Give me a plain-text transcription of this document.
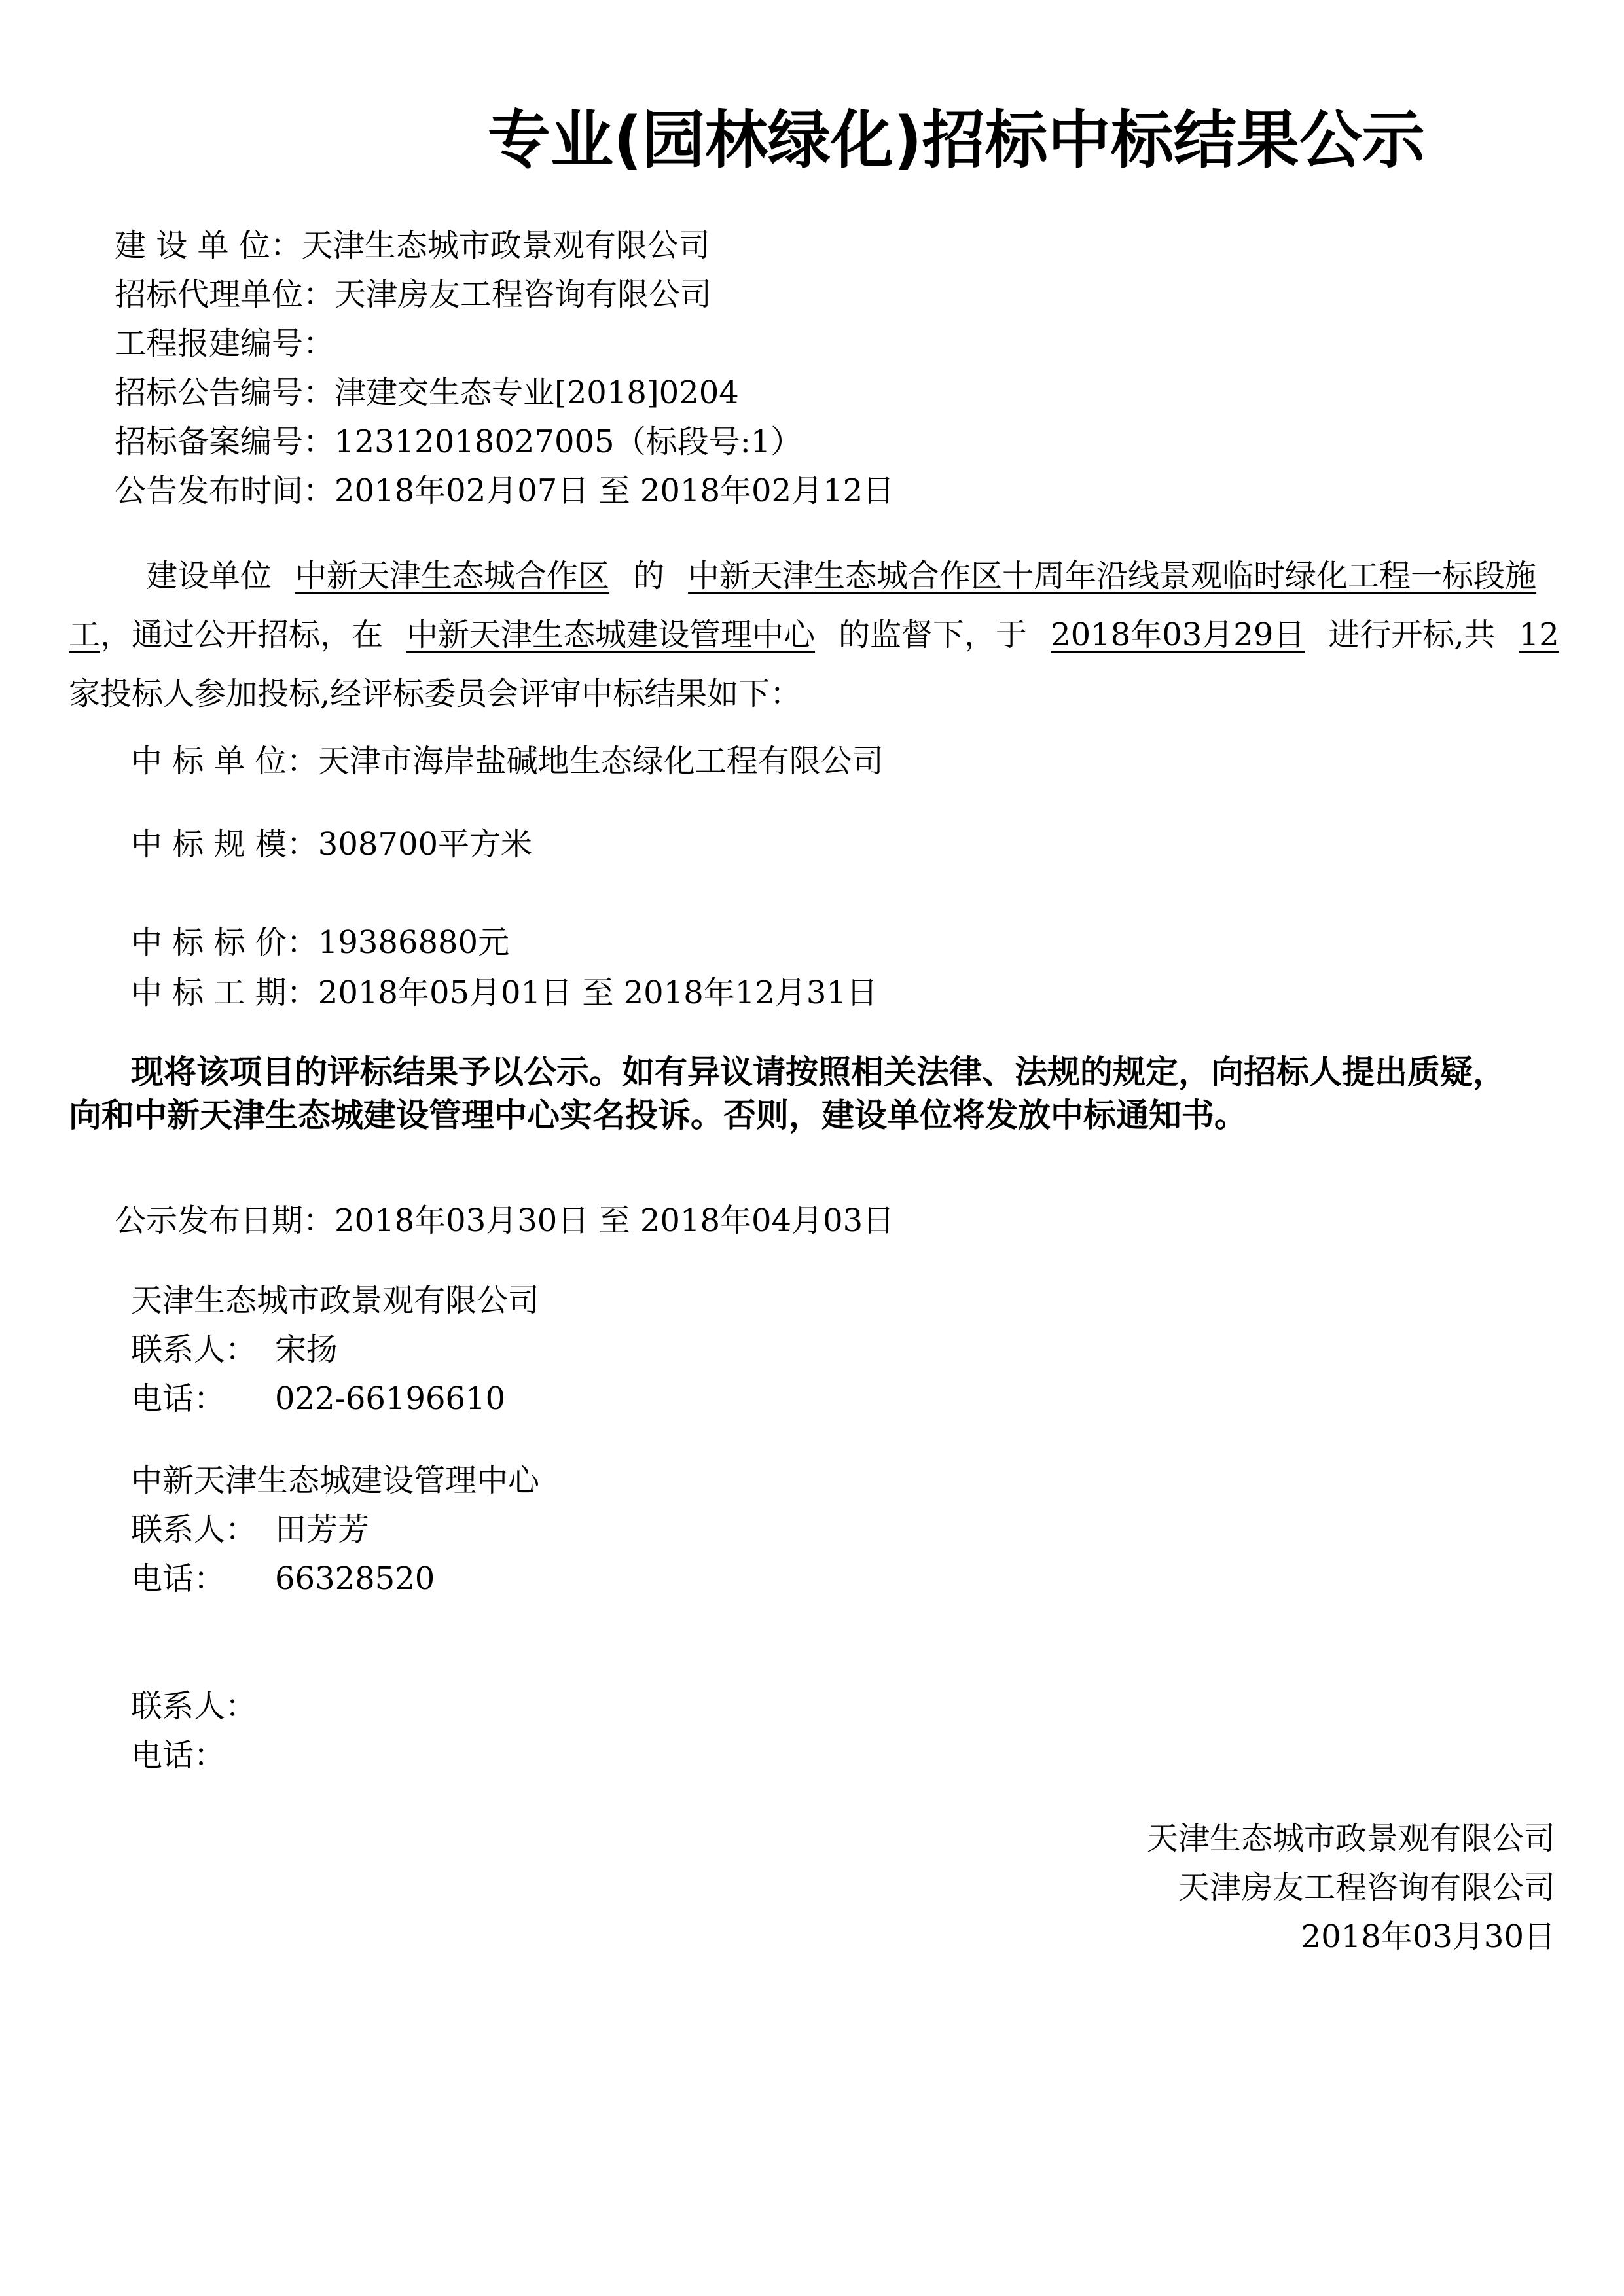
专业(园林绿化)招标中标结果公示
建 设 单 位：天津生态城市政景观有限公司
招标代理单位：天津房友工程咨询有限公司
工程报建编号：
招标公告编号：津建交生态专业[2018]0204
招标备案编号：12312018027005（标段号:1）
公告发布时间：2018年02月07日 至 2018年02月12日
建设单位 中新天津生态城合作区 的 中新天津生态城合作区十周年沿线景观临时绿化工程一标段施工，通过公开招标，在 中新天津生态城建设管理中心 的监督下，于 2018年03月29日 进行开标,共 12家投标人参加投标,经评标委员会评审中标结果如下：
中 标 单 位：天津市海岸盐碱地生态绿化工程有限公司
中 标 规 模：308700平方米
中 标 标 价：19386880元
中 标 工 期：2018年05月01日 至 2018年12月31日
现将该项目的评标结果予以公示。如有异议请按照相关法律、法规的规定，向招标人提出质疑，向和中新天津生态城建设管理中心实名投诉。否则，建设单位将发放中标通知书。
公示发布日期：2018年03月30日 至 2018年04月03日
天津生态城市政景观有限公司
联系人： 宋扬
电话： 022-66196610
中新天津生态城建设管理中心
联系人： 田芳芳
电话： 66328520
联系人：
电话：
天津生态城市政景观有限公司
天津房友工程咨询有限公司
2018年03月30日
